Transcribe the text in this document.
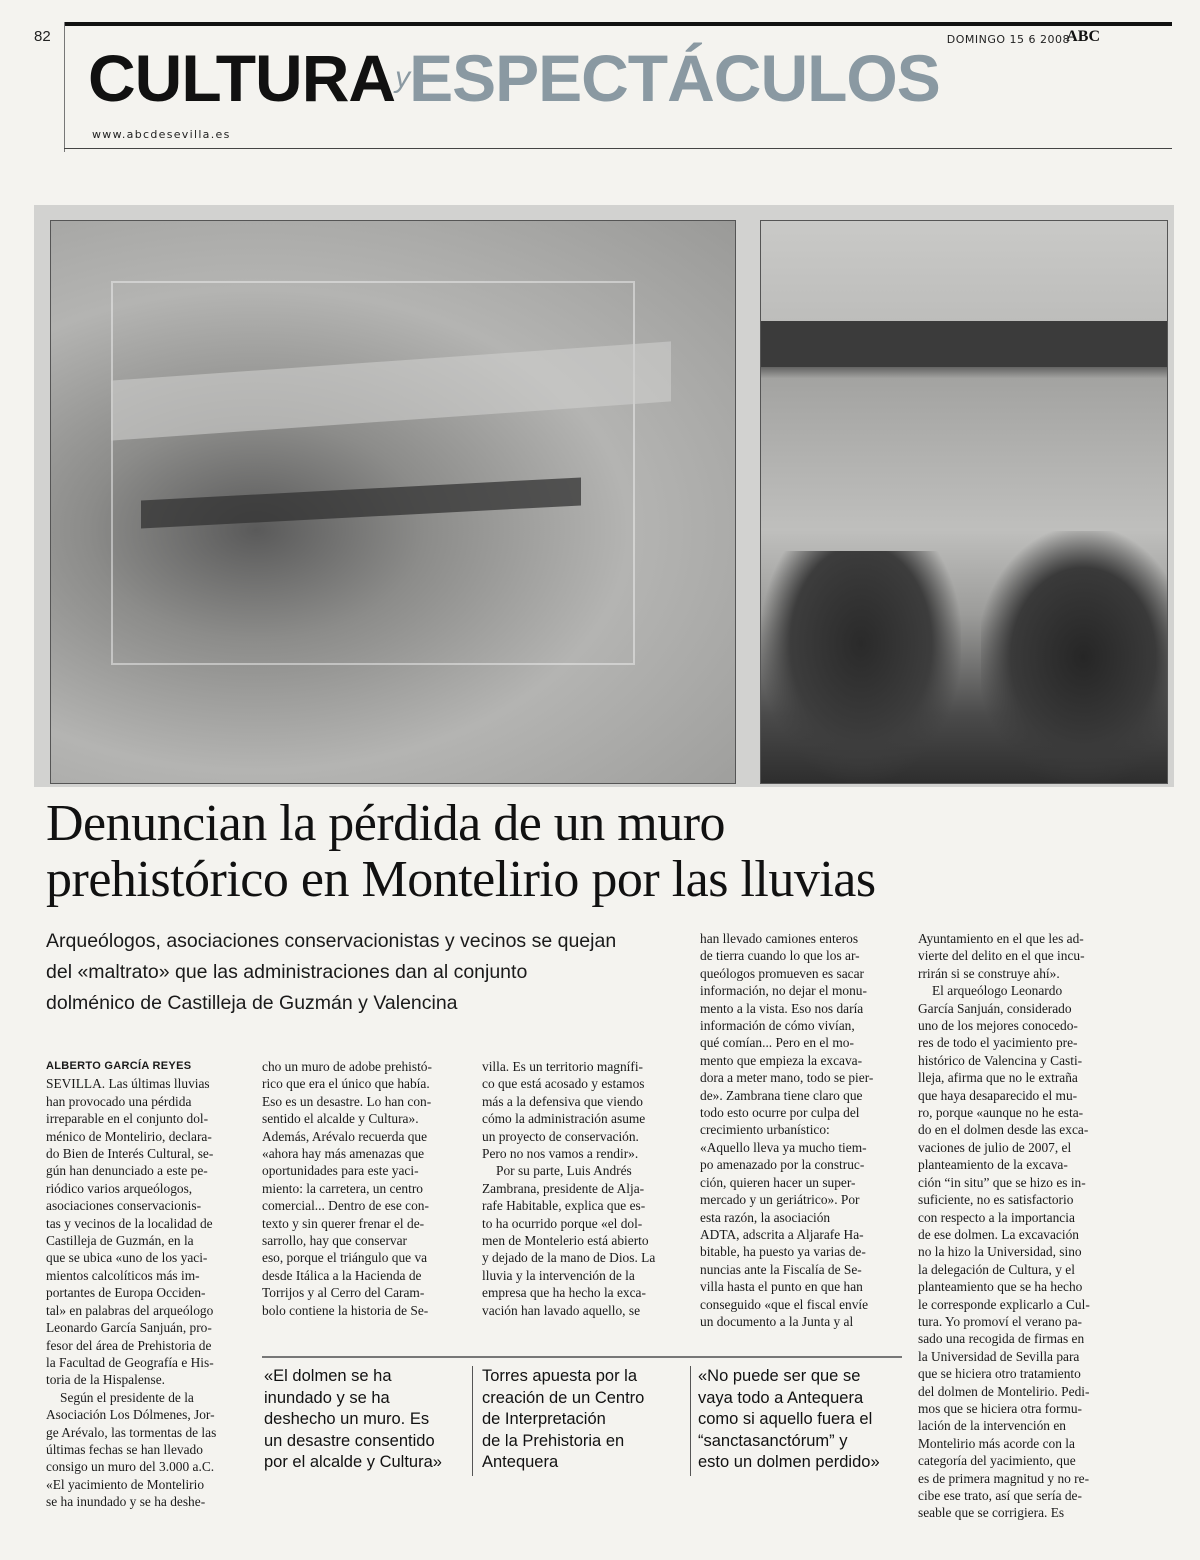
82	DOMINGO 15 6 2008
ABC
CULTURA$^y$ESPECTÁCULOS
www.abcdesevilla.es
Denuncian la pérdida de un muro
prehistórico en Montelirio por las lluvias
Arqueólogos, asociaciones conservacionistas y vecinos se quejan
del «maltrato» que las administraciones dan al conjunto
dolménico de Castilleja de Guzmán y Valencina
ALBERTO GARCÍA REYES
SEVILLA. Las últimas lluvias
han provocado una pérdida
irreparable en el conjunto dol-
ménico de Montelirio, declara-
do Bien de Interés Cultural, se-
gún han denunciado a este pe-
riódico varios arqueólogos,
asociaciones conservacionis-
tas y vecinos de la localidad de
Castilleja de Guzmán, en la
que se ubica «uno de los yaci-
mientos calcolíticos más im-
portantes de Europa Occiden-
tal» en palabras del arqueólogo
Leonardo García Sanjuán, pro-
fesor del área de Prehistoria de
la Facultad de Geografía e His-
toria de la Hispalense.
Según el presidente de la
Asociación Los Dólmenes, Jor-
ge Arévalo, las tormentas de las
últimas fechas se han llevado
consigo un muro del 3.000 a.C.
«El yacimiento de Montelirio
se ha inundado y se ha deshe-
cho un muro de adobe prehistó-
rico que era el único que había.
Eso es un desastre. Lo han con-
sentido el alcalde y Cultura».
Además, Arévalo recuerda que
«ahora hay más amenazas que
oportunidades para este yaci-
miento: la carretera, un centro
comercial... Dentro de ese con-
texto y sin querer frenar el de-
sarrollo, hay que conservar
eso, porque el triángulo que va
desde Itálica a la Hacienda de
Torrijos y al Cerro del Caram-
bolo contiene la historia de Se-
villa. Es un territorio magnífi-
co que está acosado y estamos
más a la defensiva que viendo
cómo la administración asume
un proyecto de conservación.
Pero no nos vamos a rendir».
Por su parte, Luis Andrés
Zambrana, presidente de Alja-
rafe Habitable, explica que es-
to ha ocurrido porque «el dol-
men de Montelerio está abierto
y dejado de la mano de Dios. La
lluvia y la intervención de la
empresa que ha hecho la exca-
vación han lavado aquello, se
han llevado camiones enteros
de tierra cuando lo que los ar-
queólogos promueven es sacar
información, no dejar el monu-
mento a la vista. Eso nos daría
información de cómo vivían,
qué comían... Pero en el mo-
mento que empieza la excava-
dora a meter mano, todo se pier-
de». Zambrana tiene claro que
todo esto ocurre por culpa del
crecimiento urbanístico:
«Aquello lleva ya mucho tiem-
po amenazado por la construc-
ción, quieren hacer un super-
mercado y un geriátrico». Por
esta razón, la asociación
ADTA, adscrita a Aljarafe Ha-
bitable, ha puesto ya varias de-
nuncias ante la Fiscalía de Se-
villa hasta el punto en que han
conseguido «que el fiscal envíe
un documento a la Junta y al
Ayuntamiento en el que les ad-
vierte del delito en el que incu-
rrirán si se construye ahí».
El arqueólogo Leonardo
García Sanjuán, considerado
uno de los mejores conocedo-
res de todo el yacimiento pre-
histórico de Valencina y Casti-
lleja, afirma que no le extraña
que haya desaparecido el mu-
ro, porque «aunque no he esta-
do en el dolmen desde las exca-
vaciones de julio de 2007, el
planteamiento de la excava-
ción “in situ” que se hizo es in-
suficiente, no es satisfactorio
con respecto a la importancia
de ese dolmen. La excavación
no la hizo la Universidad, sino
la delegación de Cultura, y el
planteamiento que se ha hecho
le corresponde explicarlo a Cul-
tura. Yo promoví el verano pa-
sado una recogida de firmas en
la Universidad de Sevilla para
que se hiciera otro tratamiento
del dolmen de Montelirio. Pedi-
mos que se hiciera otra formu-
lación de la intervención en
Montelirio más acorde con la
categoría del yacimiento, que
es de primera magnitud y no re-
cibe ese trato, así que sería de-
seable que se corrigiera. Es
«El dolmen se ha
inundado y se ha
deshecho un muro. Es
un desastre consentido
por el alcalde y Cultura»
Torres apuesta por la
creación de un Centro
de Interpretación
de la Prehistoria en
Antequera
«No puede ser que se
vaya todo a Antequera
como si aquello fuera el
“sanctasanctórum” y
esto un dolmen perdido»
